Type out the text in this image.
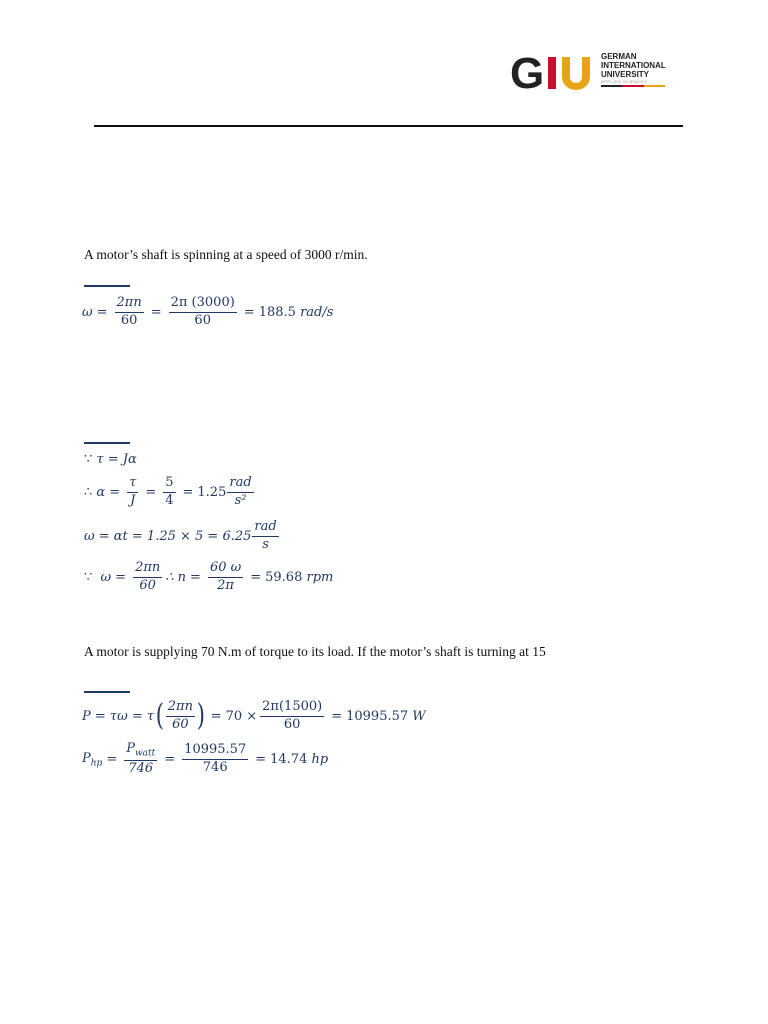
G	GERMAN
INTERNATIONAL
UNIVERSITY
APPLIED SCIENCES
A motor’s shaft is spinning at a speed of 3000 r/min.
$\omega = \frac{2\pi n}{60} = \frac{2\pi (3000)}{60} = 188.5$
rad/s
∵
τ = Jα
∴
$\alpha = \frac{\tau}{J} = \frac{5}{4} = 1.25 \frac{\text{rad}}{\text{s²}}$
$\omega = \alpha t = 1.25 \times 5 = 6.25 \frac{\text{rad}}{s}$
∵
$\omega = \frac{2\pi n}{60}$ ∴ $n = \frac{60 \omega}{2\pi} = 59.68$
rpm
A motor is supplying 70 N.m of torque to its load. If the motor’s shaft is turning at 15
P = τω = τ ( $\frac{2\pi n}{60}$ ) = $70 \times \frac{2\pi(1500)}{60} = 10995.57$
W
$P_{hp} = \frac{P_{watt}}{746} = \frac{10995.57}{746} = 14.74$
hp
